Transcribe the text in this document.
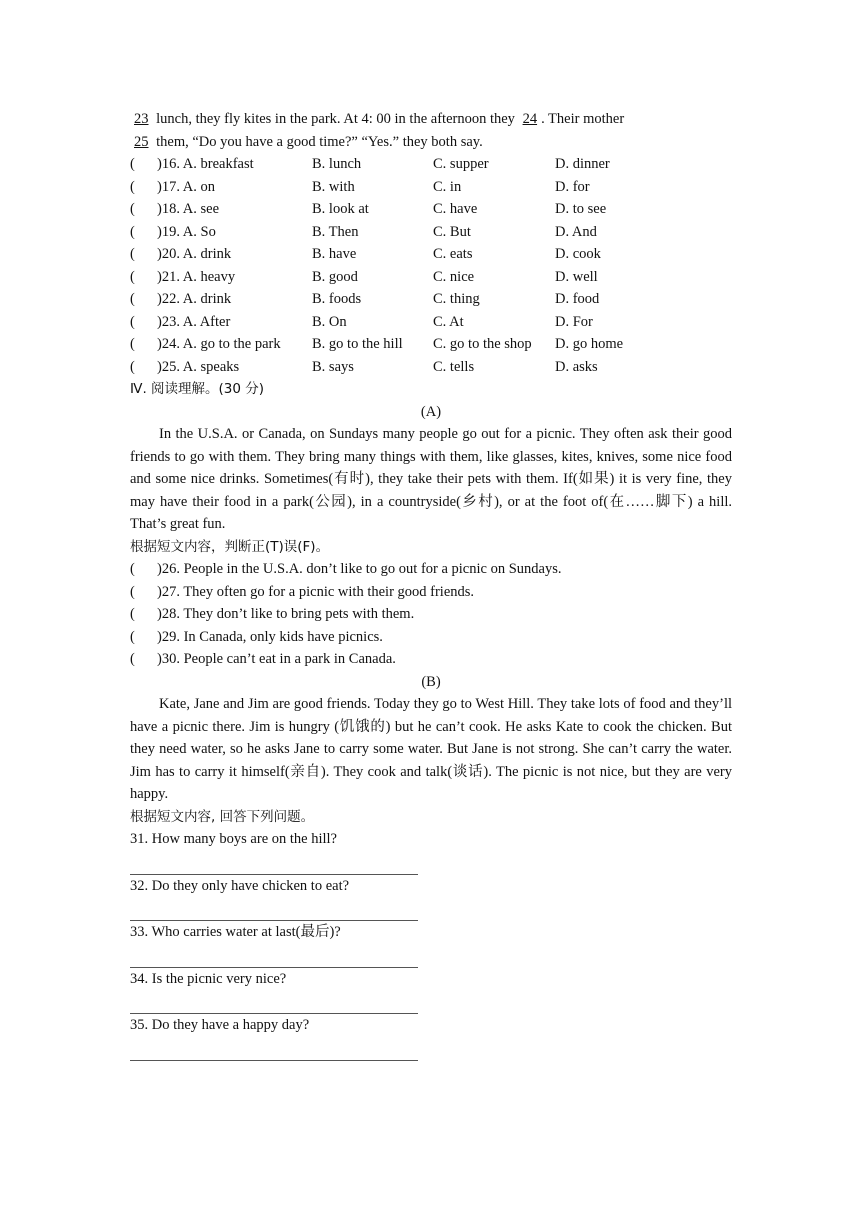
23 lunch, they fly kites in the park. At 4: 00 in the afternoon they 24 . Their mother
25 them, “Do you have a good time?” “Yes.” they both say.
( )16. A. breakfast	B. lunch	C. supper	D. dinner
( )17. A. on	B. with	C. in	D. for
( )18. A. see	B. look at	C. have	D. to see
( )19. A. So	B. Then	C. But	D. And
( )20. A. drink	B. have	C. eats	D. cook
( )21. A. heavy	B. good	C. nice	D. well
( )22. A. drink	B. foods	C. thing	D. food
( )23. A. After	B. On	C. At	D. For
( )24. A. go to the park B. go to the hill C. go to the shop D. go home
( )25. A. speaks	B. says	C. tells	D. asks
Ⅳ. 阅读理解。(30 分)
(A)
In the U.S.A. or Canada, on Sundays many people go out for a picnic. They often ask their good friends to go with them. They bring many things with them, like glasses, kites, knives, some nice food and some nice drinks. Sometimes(有时), they take their pets with them. If(如果) it is very fine, they may have their food in a park(公园), in a countryside(乡村), or at the foot of(在……脚下) a hill. That’s great fun.
根据短文内容，判断正(T)误(F)。
( )26. People in the U.S.A. don’t like to go out for a picnic on Sundays.
( )27. They often go for a picnic with their good friends.
( )28. They don’t like to bring pets with them.
( )29. In Canada, only kids have picnics.
( )30. People can’t eat in a park in Canada.
(B)
Kate, Jane and Jim are good friends. Today they go to West Hill. They take lots of food and they’ll have a picnic there. Jim is hungry (饥饿的) but he can’t cook. He asks Kate to cook the chicken. But they need water, so he asks Jane to carry some water. But Jane is not strong. She can’t carry the water. Jim has to carry it himself(亲自). They cook and talk(谈话). The picnic is not nice, but they are very happy.
根据短文内容, 回答下列问题。
31. How many boys are on the hill?
32. Do they only have chicken to eat?
33. Who carries water at last(最后)?
34. Is the picnic very nice?
35. Do they have a happy day?
